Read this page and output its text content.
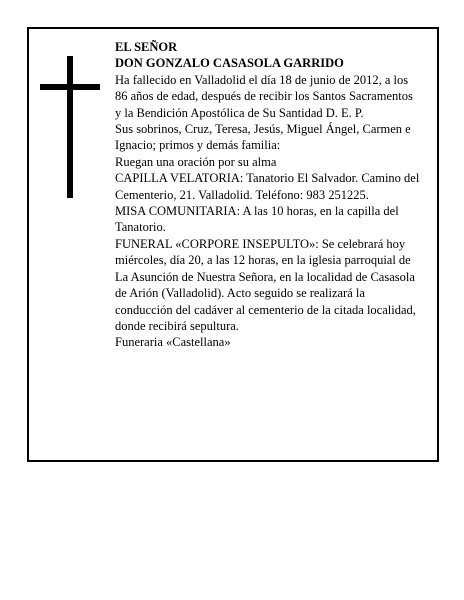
EL SEÑOR

DON GONZALO CASASOLA GARRIDO

Ha fallecido en Valladolid el día 18 de junio de 2012, a los 86 años de edad, después de recibir los Santos Sacramentos y la Bendición Apostólica de Su Santidad D. E. P.

Sus sobrinos, Cruz, Teresa, Jesús, Miguel Ángel, Carmen e Ignacio; primos y demás familia:

Ruegan una oración por su alma

CAPILLA VELATORIA: Tanatorio El Salvador. Camino del Cementerio, 21. Valladolid. Teléfono: 983 251225.

MISA COMUNITARIA: A las 10 horas, en la capilla del Tanatorio.

FUNERAL «CORPORE INSEPULTO»: Se celebrará hoy miércoles, día 20, a las 12 horas, en la iglesia parroquial de La Asunción de Nuestra Señora, en la localidad de Casasola de Arión (Valladolid). Acto seguido se realizará la conducción del cadáver al cementerio de la citada localidad, donde recibirá sepultura.

Funeraria «Castellana»
